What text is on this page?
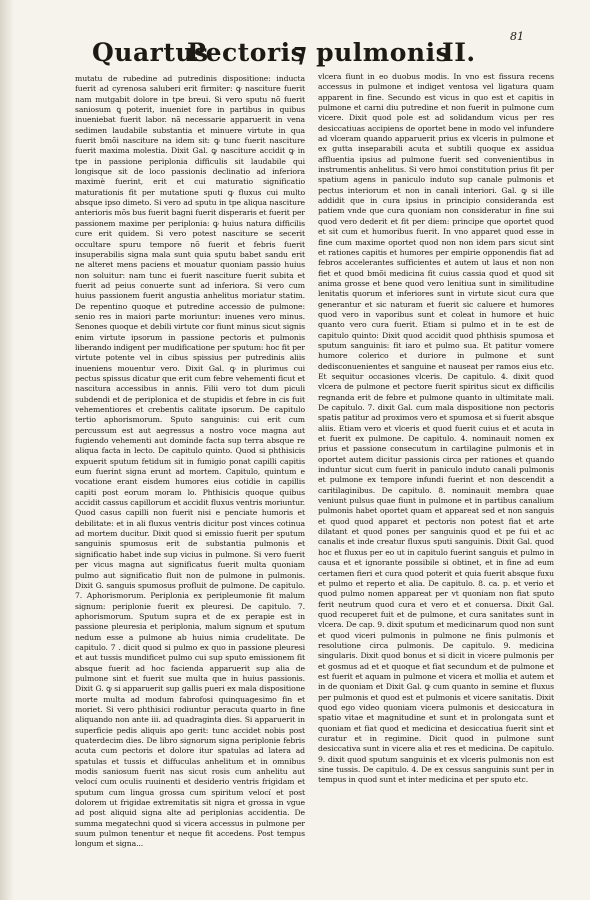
Quartus
Pectoris
⁊ pulmonis
II.
81

mutatu de rubedine ad putredinis dispositione: inducta fuerit ad cyrenosa saluberi erit firmiter: ꝙ nasciture fuerit nam mutgabit dolore in tpe breui. Si vero sputu nõ fuerit saniosum ꝗ poterit, inueniet fore in partibus in quibus inueniebat fuerit labor. nã necessarie apparuerit in vena sedimen laudabile substantia et minuere virtute in qua fuerit bmõi nasciture na idem sit: ꝙ tunc fuerit nasciture fuerit maxima molestia. Dixit Gal. ꝙ nasciture accidit ꝙ in tpe in passione periplonia difficulis sit laudabile qui longisque sit de loco passionis declinatio ad inferiora maximè fuerint, erit et cui maturatio significatio maturationis fit per mutatione sputi ꝙ fluxus cui multo absque ipso dimeto. Si vero ad sputu in tpe aliqua nasciture anterioris mõs bus fuerit bagni fuerit disperaris et fuerit per passionem maxime per periplonia: ꝙ huius natura difficilis cure erit quidem. Si vero potest nasciture se secerit occultare spuru tempore nõ fuerit et febris fuerit insuperabilis signa mala sunt quia sputu babet sandu erit ne alteret mens paciens et mouatur quoniam passio huius non soluitur: nam tunc ei fuerit nasciture fuerit subita et fuerit ad peius conuerte sunt ad inferiora. Si vero cum huius passionem fuerit angustia anhelitus moriatur statim. De repentino quoque et putredine accessio de pulmone: senio res in maiori parte moriuntur: inuenes vero minus. Senones quoque et debili virtute cor fiunt minus sicut signis enim virtute ipsorum in passione pectoris et pulmonis liberando indigent per mudificatione per sputum: hoc fit per virtute potente vel in cibus spissius per putredinis aliis inueniens mouentur vero. Dixit Gal. ꝙ in plurimus cui pectus spissus dicatur que erit cum febre vehementi ficut et nascitura accessibus in annis. Filii vero tot dum piculi subdendi et de periplonica et de stupidis et febre in cis fuit vehementiores et crebentis calitate ipsorum. De capitulo tertio aphorismorum. Sputo sanguinis: cui erit cum percussum est aut aegressus a nostro voce magna aut fugiendo vehementi aut dominde facta sup terra absque re aliqua facta in lecto. De capitulo quinto. Quod si phthisicis expuerit sputum fetidum sit in fumigio ponat capilli capitis eum fuerint signa erunt ad mortem. Capitulo, quintum e vocatione erant eisdem humores eius cotidie in capillis capiti post eorum moram lo. Phthisicis quoque quibus accidit cassus capillorum et accidit fluxus ventris moriuntur. Quod casus capilli non fuerit nisi e penciate humoris et debilitate: et in ali fluxus ventris dicitur post vinces cotinua ad mortem ducitur. Dixit quod si emissio fuerit per sputum sanguinis spumosus erit de substantia pulmonis et significatio habet inde sup vicius in pulmone. Si vero fuerit per vicus magna aut significatus fuerit multa quoniam pulmo aut significatio fluit non de pulmone in pulmonis. Dixit G. sanguis spumosus profluit de pulmone. De capitulo. 7. Aphorismorum. Periplonia ex peripleumonie fit malum signum: periplonie fuerit ex pleuresi. De capitulo. 7. aphorismorum. Sputum supra et de ex perapie est in passione pleuresia et periplonia, malum signum et sputum nedum esse a pulmone ab huius nimia crudelitate. De capitulo. 7 . dicit quod si pulmo ex quo in passione pleuresi et aut tussis mundificet pulmo cui sup sputo emissionem fit absque fuerit ad hoc facienda apparuerit sup alia de pulmone sint et fuerit sue multa que in huius passionis. Dixit G. ꝙ si apparuerit sup gallis pueri ex mala dispositione morte multa ad modum fabrofosi quinquagesimo fin et moriet. Si vero phthisici rodiuntur peracuta quarto in fine aliquando non ante iii. ad quadraginta dies. Si apparuerit in superficie pedis aliquis apo gerit: tunc accidet nobis post quaterdecim dies. De libro signorum signa periplonie febris acuta cum pectoris et dolore itur spatulas ad latera ad spatulas et tussis et diffuculas anhelitum et in omnibus modis saniosum fuerit nas sicut rosis cum anhelitu aut velocí cum oculis ruuinenti et desiderio ventris frigidam et sputum cum lingua grossa cum spiritum velocí et post dolorem ut frigidae extremitatis sit nigra et grossa in vgue ad post aliquid signa alte ad periplonias accidentia. De summa megatechni quod si vicera accessus in pulmone per suum pulmon tenentur et neque fit accedens. Post tempus longum et signa...

vlcera fiunt in eo duobus modis. In vno est fissura recens accessus in pulmone et indiget ventosa vel ligatura quam apparent in fine. Secundo est vicus in quo est et capitis in pulmone et carni diu putredine et non fuerit in pulmone cum vicere. Dixit quod pole est ad solidandum vicus per res desiccatiuas accipiens de oportet bene in modo vel infundere ad vlceram quando apparuerit prius ex vlceris in pulmone et ex gutta inseparabili acuta et subtili quoque ex assidua affluentia ipsius ad pulmone fuerit sed convenientibus in instrumentis anhelitus. Si vero hmoi constitution prius fit per spatium agens in paniculo induto sup canale pulmonis et pectus interiorum et non in canali interiori. Gal. ꝙ si ille addidit que in cura ipsius in principio consideranda est patiem vnde que cura quoniam non consideratur in fine sui quod vero dederit et fit per diem: principe que oportet quod et sit cum et humoribus fuerit. In vno apparet quod esse in fine cum maxime oportet quod non non idem pars sicut sint et rationes capitis et humores per empirie opponendis fiat ad febros accelerantes sufficientes et autem ut laus et non non fiet et quod bmõi medicina fit cuius cassia quod et quod sit anima grosse et bene quod vero lenitiua sunt in similitudine lenitatis quorum et inferiores sunt in virtute sicut cura que generantur et sic naturam et fuerit sic caluere et humores quod vero in vaporibus sunt et coleat in humore et huic quanto vero cura fuerit. Etiam si pulmo et in te est de capitulo quinto: Dixit quod accidit quod phthisis spumosa et sputum sanguinis: fit iaro et pulmo sua. Et patitur vomere humore colerico et duriore in pulmone et sunt dedisconuenientes et sanguine et nauseat per ramos eius etc. Et sequitur occasiones vlceris. De capitulo. 4. dixit quod vlcera de pulmone et pectore fuerit spiritus sicut ex difficilis regnanda erit de febre et pulmone quanto in ultimitate mali. De capitulo. 7. dixit Gal. cum mala dispositione non pectoris spatis patitur ad proximos vero et spumosa et si fuerit absque aliis. Etiam vero et vlceris et quod fuerit cuius et et acuta in et fuerit ex pulmone. De capitulo. 4. nominauit nomen ex prius et passione consecutum in cartilagine pulmonis et in oportet autem dicitur passionis circa per rationes et quando induntur sicut cum fuerit in paniculo induto canali pulmonis et pulmone ex tempore infundi fuerint et non descendit a caritilaginibus. De capitulo. 8. nominauit membra quae veniunt pulsus quae fiunt in pulmone et in partibus canalium pulmonis habet oportet quam et appareat sed et non sanguis et quod quod apparet et pectoris non potest fiat et arte dilatant et quod pones per sanguinis quod et pe fui et ac canalis et inde creatur fluxus sputi sanguinis. Dixit Gal. quod hoc et fluxus per eo ut in capitulo fuerint sanguis et pulmo in causa et et ignorante possibile si obtinet, et in fine ad eum certamen fieri et cura quod poterit et quia fuerit absque fuxu et pulmo et reperto et alia. De capitulo. 8. ca. p. et verio et quod pulmo nomen appareat per vt quoniam non fiat sputo ferit neutrum quod cura et vero et et conuersa. Dixit Gal. quod recuperet fuit et de pulmone, et cura sanitates sunt in vlcera. De cap. 9. dixit sputum et medicinarum quod non sunt et quod viceri pulmonis in pulmone ne finis pulmonis et resolutione circa pulmonis. De capitulo. 9. medicina singularis. Dixit quod bonus et si dicit in vicere pulmonis per et gosmus ad et et quoque et fiat secundum et de pulmone et est fuerit et aquam in pulmone et vicera et mollia et autem et in de quoniam et Dixit Gal. ꝙ cum quanto in semine et fluxus per pulmonis et quod est et pulmonis et vicere sanitatis. Dixit quod ego video quoniam vicera pulmonis et desiccatura in spatio vitae et magnitudine et sunt et in prolongata sunt et quoniam et fiat quod et medicina et desiccatiua fuerit sint et curatur et in regimine. Dicit quod in pulmone sunt desiccativa sunt in vicere alia et res et medicina. De capitulo. 9. dixit quod sputum sanguinis et ex vlceris pulmonis non est sine tussis. De capitulo. 4. De ex cessus sanguinis sunt per in tempus in quod sunt et inter medicina et per sputo etc.
